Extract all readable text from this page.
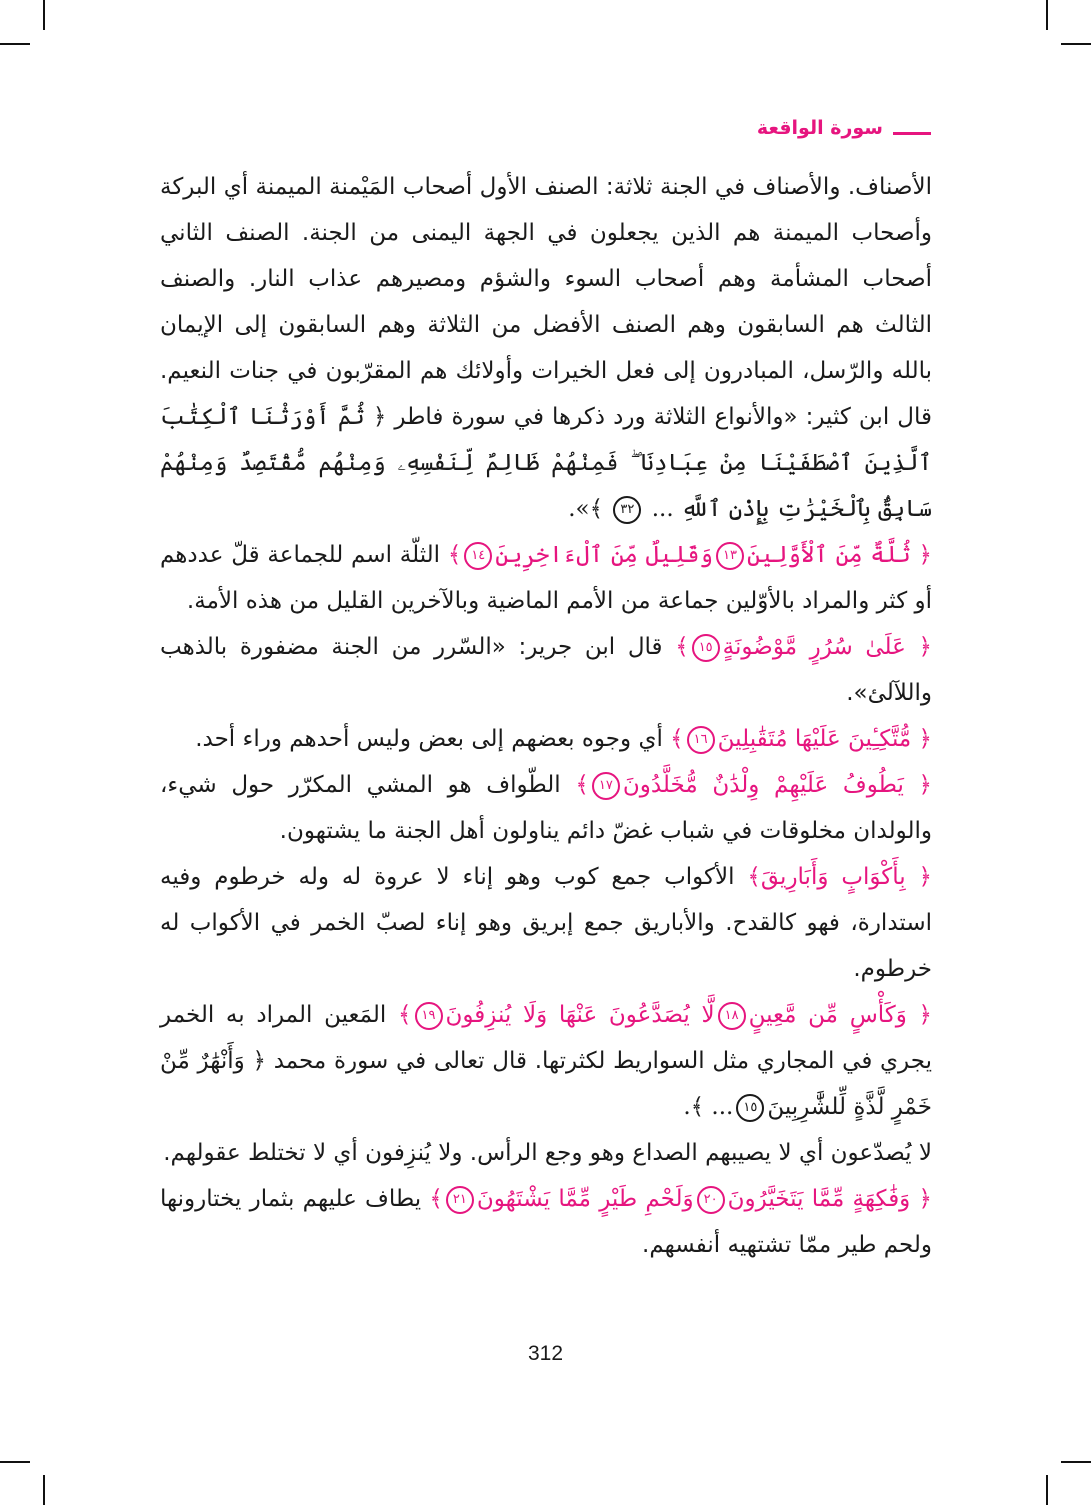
سورة الواقعة

الأصناف. والأصناف في الجنة ثلاثة: الصنف الأول أصحاب المَيْمنة الميمنة أي البركة وأصحاب الميمنة هم الذين يجعلون في الجهة اليمنى من الجنة. الصنف الثاني أصحاب المشأمة وهم أصحاب السوء والشؤم ومصيرهم عذاب النار. والصنف الثالث هم السابقون وهم الصنف الأفضل من الثلاثة وهم السابقون إلى الإيمان بالله والرّسل، المبادرون إلى فعل الخيرات وأولائك هم المقرّبون في جنات النعيم. قال ابن كثير: «والأنواع الثلاثة ورد ذكرها في سورة فاطر ﴿ ثُمَّ أَوْرَثْنَا ٱلْكِتَٰبَ ٱلَّذِينَ ٱصْطَفَيْنَا مِنْ عِبَادِنَا ۖ فَمِنْهُمْ ظَالِمٌ لِّنَفْسِهِۦ وَمِنْهُم مُّقْتَصِدٌ وَمِنْهُمْ سَابِقٌۢ بِٱلْخَيْرَٰتِ بِإِذْنِ ٱللَّهِ ... ٣٢ ﴾».

﴿ ثُلَّةٌ مِّنَ ٱلْأَوَّلِينَ١٣وَقَلِيلٌ مِّنَ ٱلْءَاخِرِينَ١٤﴾ الثلّة اسم للجماعة قلّ عددهم أو كثر والمراد بالأوّلين جماعة من الأمم الماضية وبالآخرين القليل من هذه الأمة.

﴿ عَلَىٰ سُرُرٍ مَّوْضُونَةٍ١٥﴾ قال ابن جرير: «السّرر من الجنة مضفورة بالذهب واللآلئ».

﴿ مُّتَّكِـِٔينَ عَلَيْهَا مُتَقَٰبِلِينَ١٦﴾ أي وجوه بعضهم إلى بعض وليس أحدهم وراء أحد.

﴿ يَطُوفُ عَلَيْهِمْ وِلْدَٰنٌ مُّخَلَّدُونَ١٧﴾ الطّواف هو المشي المكرّر حول شيء، والولدان مخلوقات في شباب غضّ دائم يناولون أهل الجنة ما يشتهون.

﴿ بِأَكْوَابٍ وَأَبَارِيقَ﴾ الأكواب جمع كوب وهو إناء لا عروة له وله خرطوم وفيه استدارة، فهو كالقدح. والأباريق جمع إبريق وهو إناء لصبّ الخمر في الأكواب له خرطوم.

﴿ وَكَأْسٍ مِّن مَّعِينٍ١٨لَّا يُصَدَّعُونَ عَنْهَا وَلَا يُنزِفُونَ١٩﴾ المَعين المراد به الخمر يجري في المجاري مثل السواريط لكثرتها. قال تعالى في سورة محمد ﴿ وَأَنْهَٰرٌ مِّنْ خَمْرٍ لَّذَّةٍ لِّلشَّٰرِبِينَ١٥... ﴾.

لا يُصدّعون أي لا يصيبهم الصداع وهو وجع الرأس. ولا يُنزِفون أي لا تختلط عقولهم.

﴿ وَفَٰكِهَةٍ مِّمَّا يَتَخَيَّرُونَ٢٠وَلَحْمِ طَيْرٍ مِّمَّا يَشْتَهُونَ٢١﴾ يطاف عليهم بثمار يختارونها ولحم طير ممّا تشتهيه أنفسهم.

312
